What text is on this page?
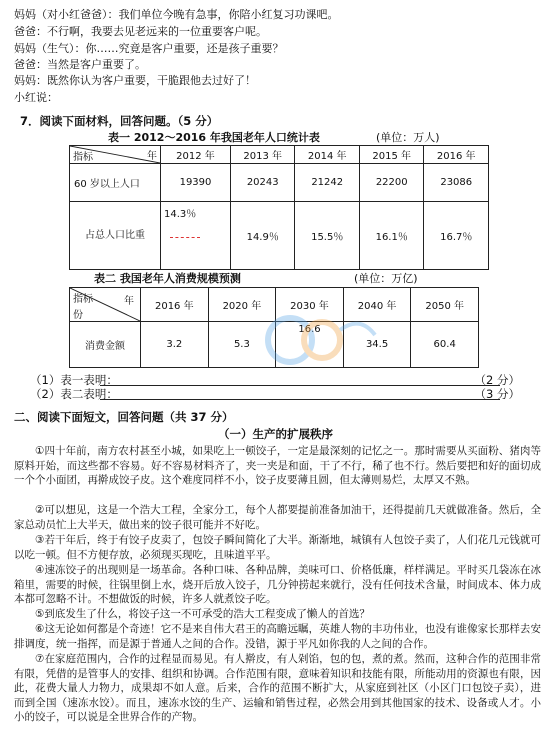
妈妈（对小红爸爸）：我们单位今晚有急事，你陪小红复习功课吧。
爸爸：不行啊，我要去见老远来的一位重要客户呢。
妈妈（生气）：你……究竟是客户重要，还是孩子重要？
爸爸：当然是客户重要了。
妈妈：既然你认为客户重要，干脆跟他去过好了！
小红说：
7．阅读下面材料，回答问题。（5 分）
表一 2012～2016 年我国老年人口统计表	(单位：万人)
指标 年	2012 年	2013 年	2014 年	2015 年	2016 年
60 岁以上人口	19390	20243	21242	22200	23086
占总人口比重	14.3％	14.9％	15.5％	16.1％	16.7％
表二 我国老年人消费规模预测	(单位：万亿)
指标 年
份	2016 年	2020 年	2030 年	2040 年	2050 年
消费金额	3.2	5.3	16.6	34.5	60.4
（1）表一表明：	（2 分）
（2）表二表明：	（3 分）
二、阅读下面短文，回答问题（共 37 分）
（一）生产的扩展秩序
①四十年前，南方农村甚至小城，如果吃上一顿饺子，一定是最深刻的记忆之一。那时需要从买面粉、猪肉等原料开始，而这些都不容易。好不容易材料齐了，夹一夹是和面，干了不行，稀了也不行。然后要把和好的面切成一个个小面团，再擀成饺子皮。这个难度同样不小，饺子皮要薄且圆，但太薄则易烂，太厚又不熟。
②可以想见，这是一个浩大工程，全家分工，每个人都要提前准备加油干，还得提前几天就做准备。然后，全家总动员忙上大半天，做出来的饺子很可能并不好吃。
③若干年后，终于有饺子皮卖了，包饺子瞬间简化了大半。渐渐地，城镇有人包饺子卖了，人们花几元钱就可以吃一顿。但不方便存放，必须现买现吃，且味道平平。
④速冻饺子的出现则是一场革命。各种口味、各种品牌，美味可口、价格低廉，样样满足。平时买几袋冻在冰箱里，需要的时候，往锅里倒上水，烧开后放入饺子，几分钟捞起来就行，没有任何技术含量，时间成本、体力成本都可忽略不计。不想做饭的时候，许多人就煮饺子吃。
⑤到底发生了什么，将饺子这一不可承受的浩大工程变成了懒人的首选？
⑥这无论如何都是个奇迹！它不是来自伟大君王的高瞻远瞩，英雄人物的丰功伟业，也没有谁像家长那样去安排调度，统一指挥，而是源于普通人之间的合作。没错，源于平凡如你我的人之间的合作。
⑦在家庭范围内，合作的过程显而易见。有人擀皮，有人剁馅，包的包，煮的煮。然而，这种合作的范围非常有限，凭借的是管事人的安排、组织和协调。合作范围有限，意味着知识和技能有限，所能动用的资源也有限，因此，花费大量人力物力，成果却不如人意。后来，合作的范围不断扩大，从家庭到社区（小区门口包饺子卖），进而到全国（速冻水饺）。而且，速冻水饺的生产、运输和销售过程，必然会用到其他国家的技术、设备或人才。小小的饺子，可以说是全世界合作的产物。
